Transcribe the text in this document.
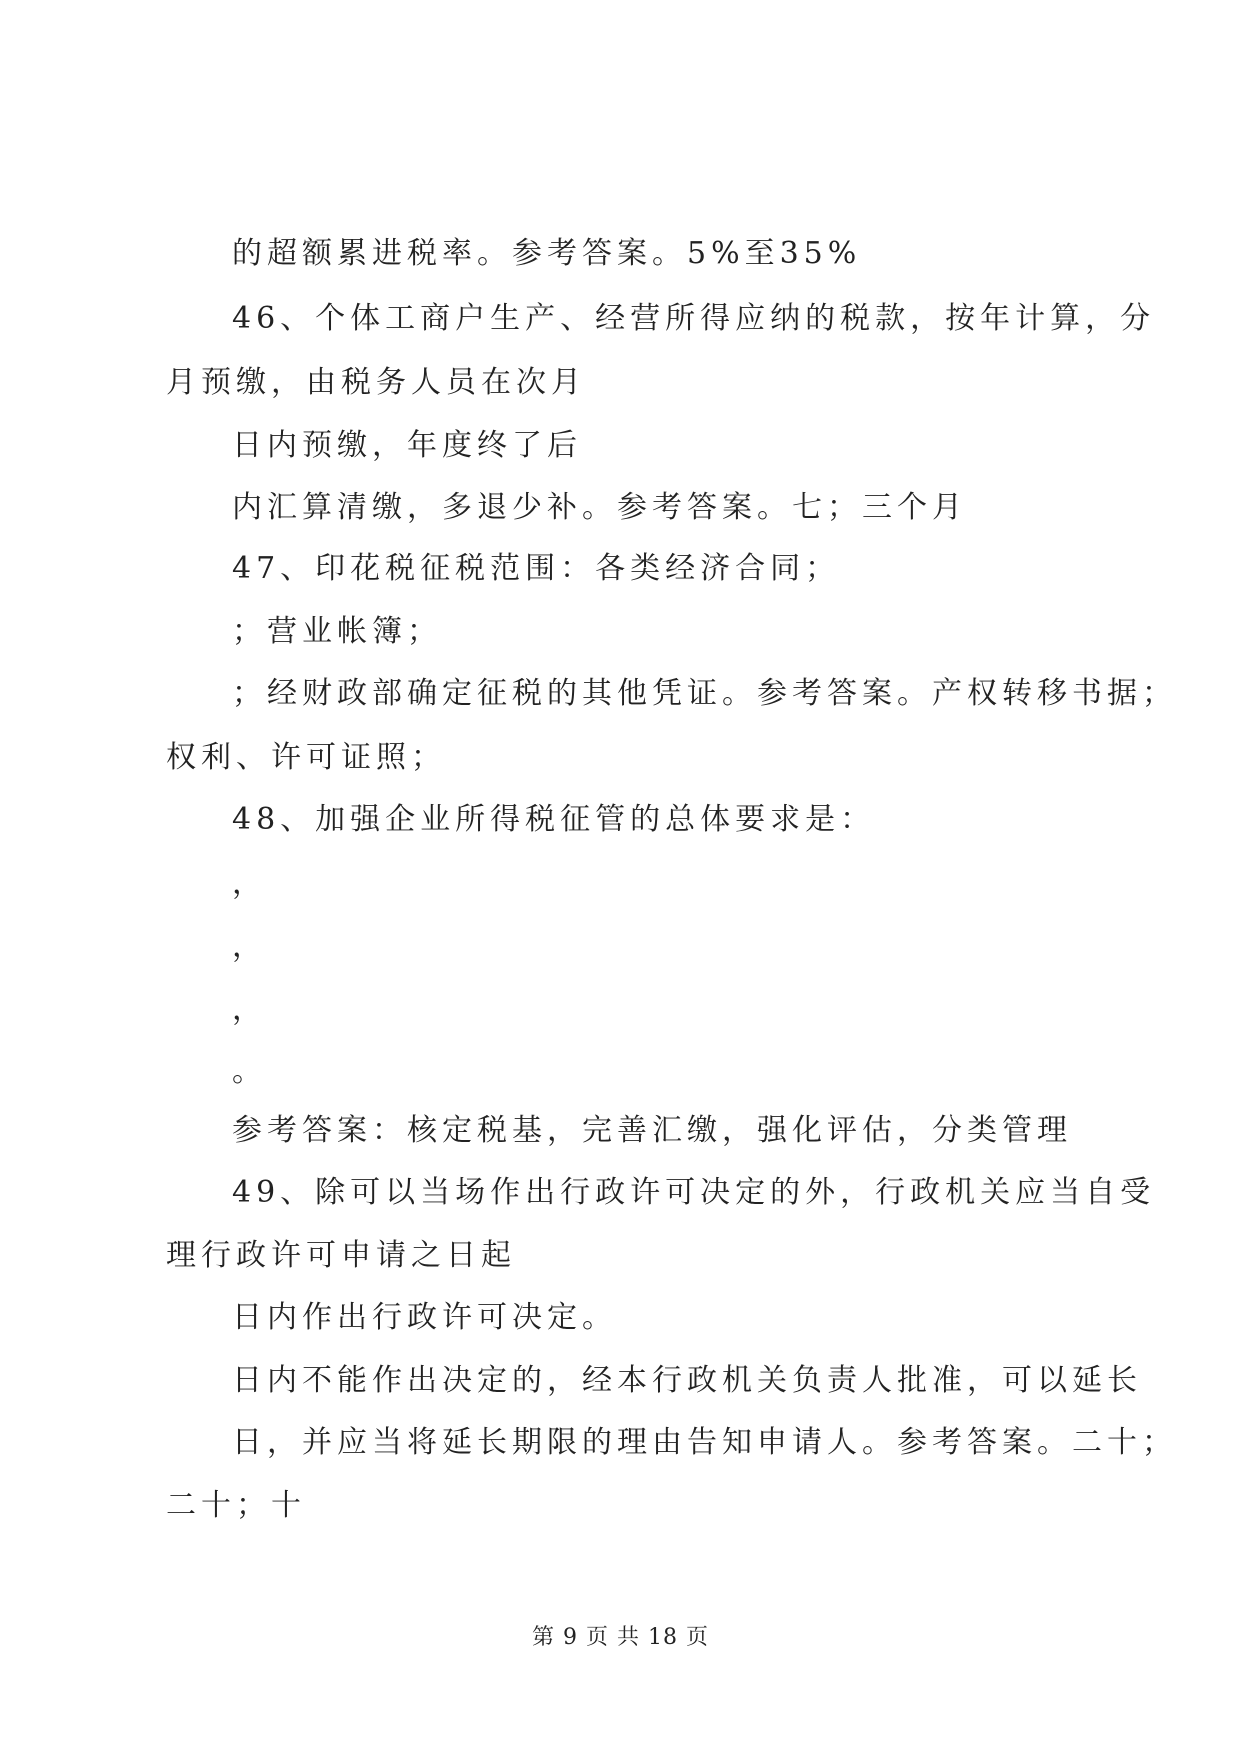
的超额累进税率。参考答案。5%至35%
46、个体工商户生产、经营所得应纳的税款，按年计算，分
月预缴，由税务人员在次月
日内预缴，年度终了后
内汇算清缴，多退少补。参考答案。七；三个月
47、印花税征税范围：各类经济合同；
；营业帐簿；
；经财政部确定征税的其他凭证。参考答案。产权转移书据；
权利、许可证照；
48、加强企业所得税征管的总体要求是：
，
，
，
。
参考答案：核定税基，完善汇缴，强化评估，分类管理
49、除可以当场作出行政许可决定的外，行政机关应当自受
理行政许可申请之日起
日内作出行政许可决定。
日内不能作出决定的，经本行政机关负责人批准，可以延长
日，并应当将延长期限的理由告知申请人。参考答案。二十；
二十；十
第 9 页 共 18 页
